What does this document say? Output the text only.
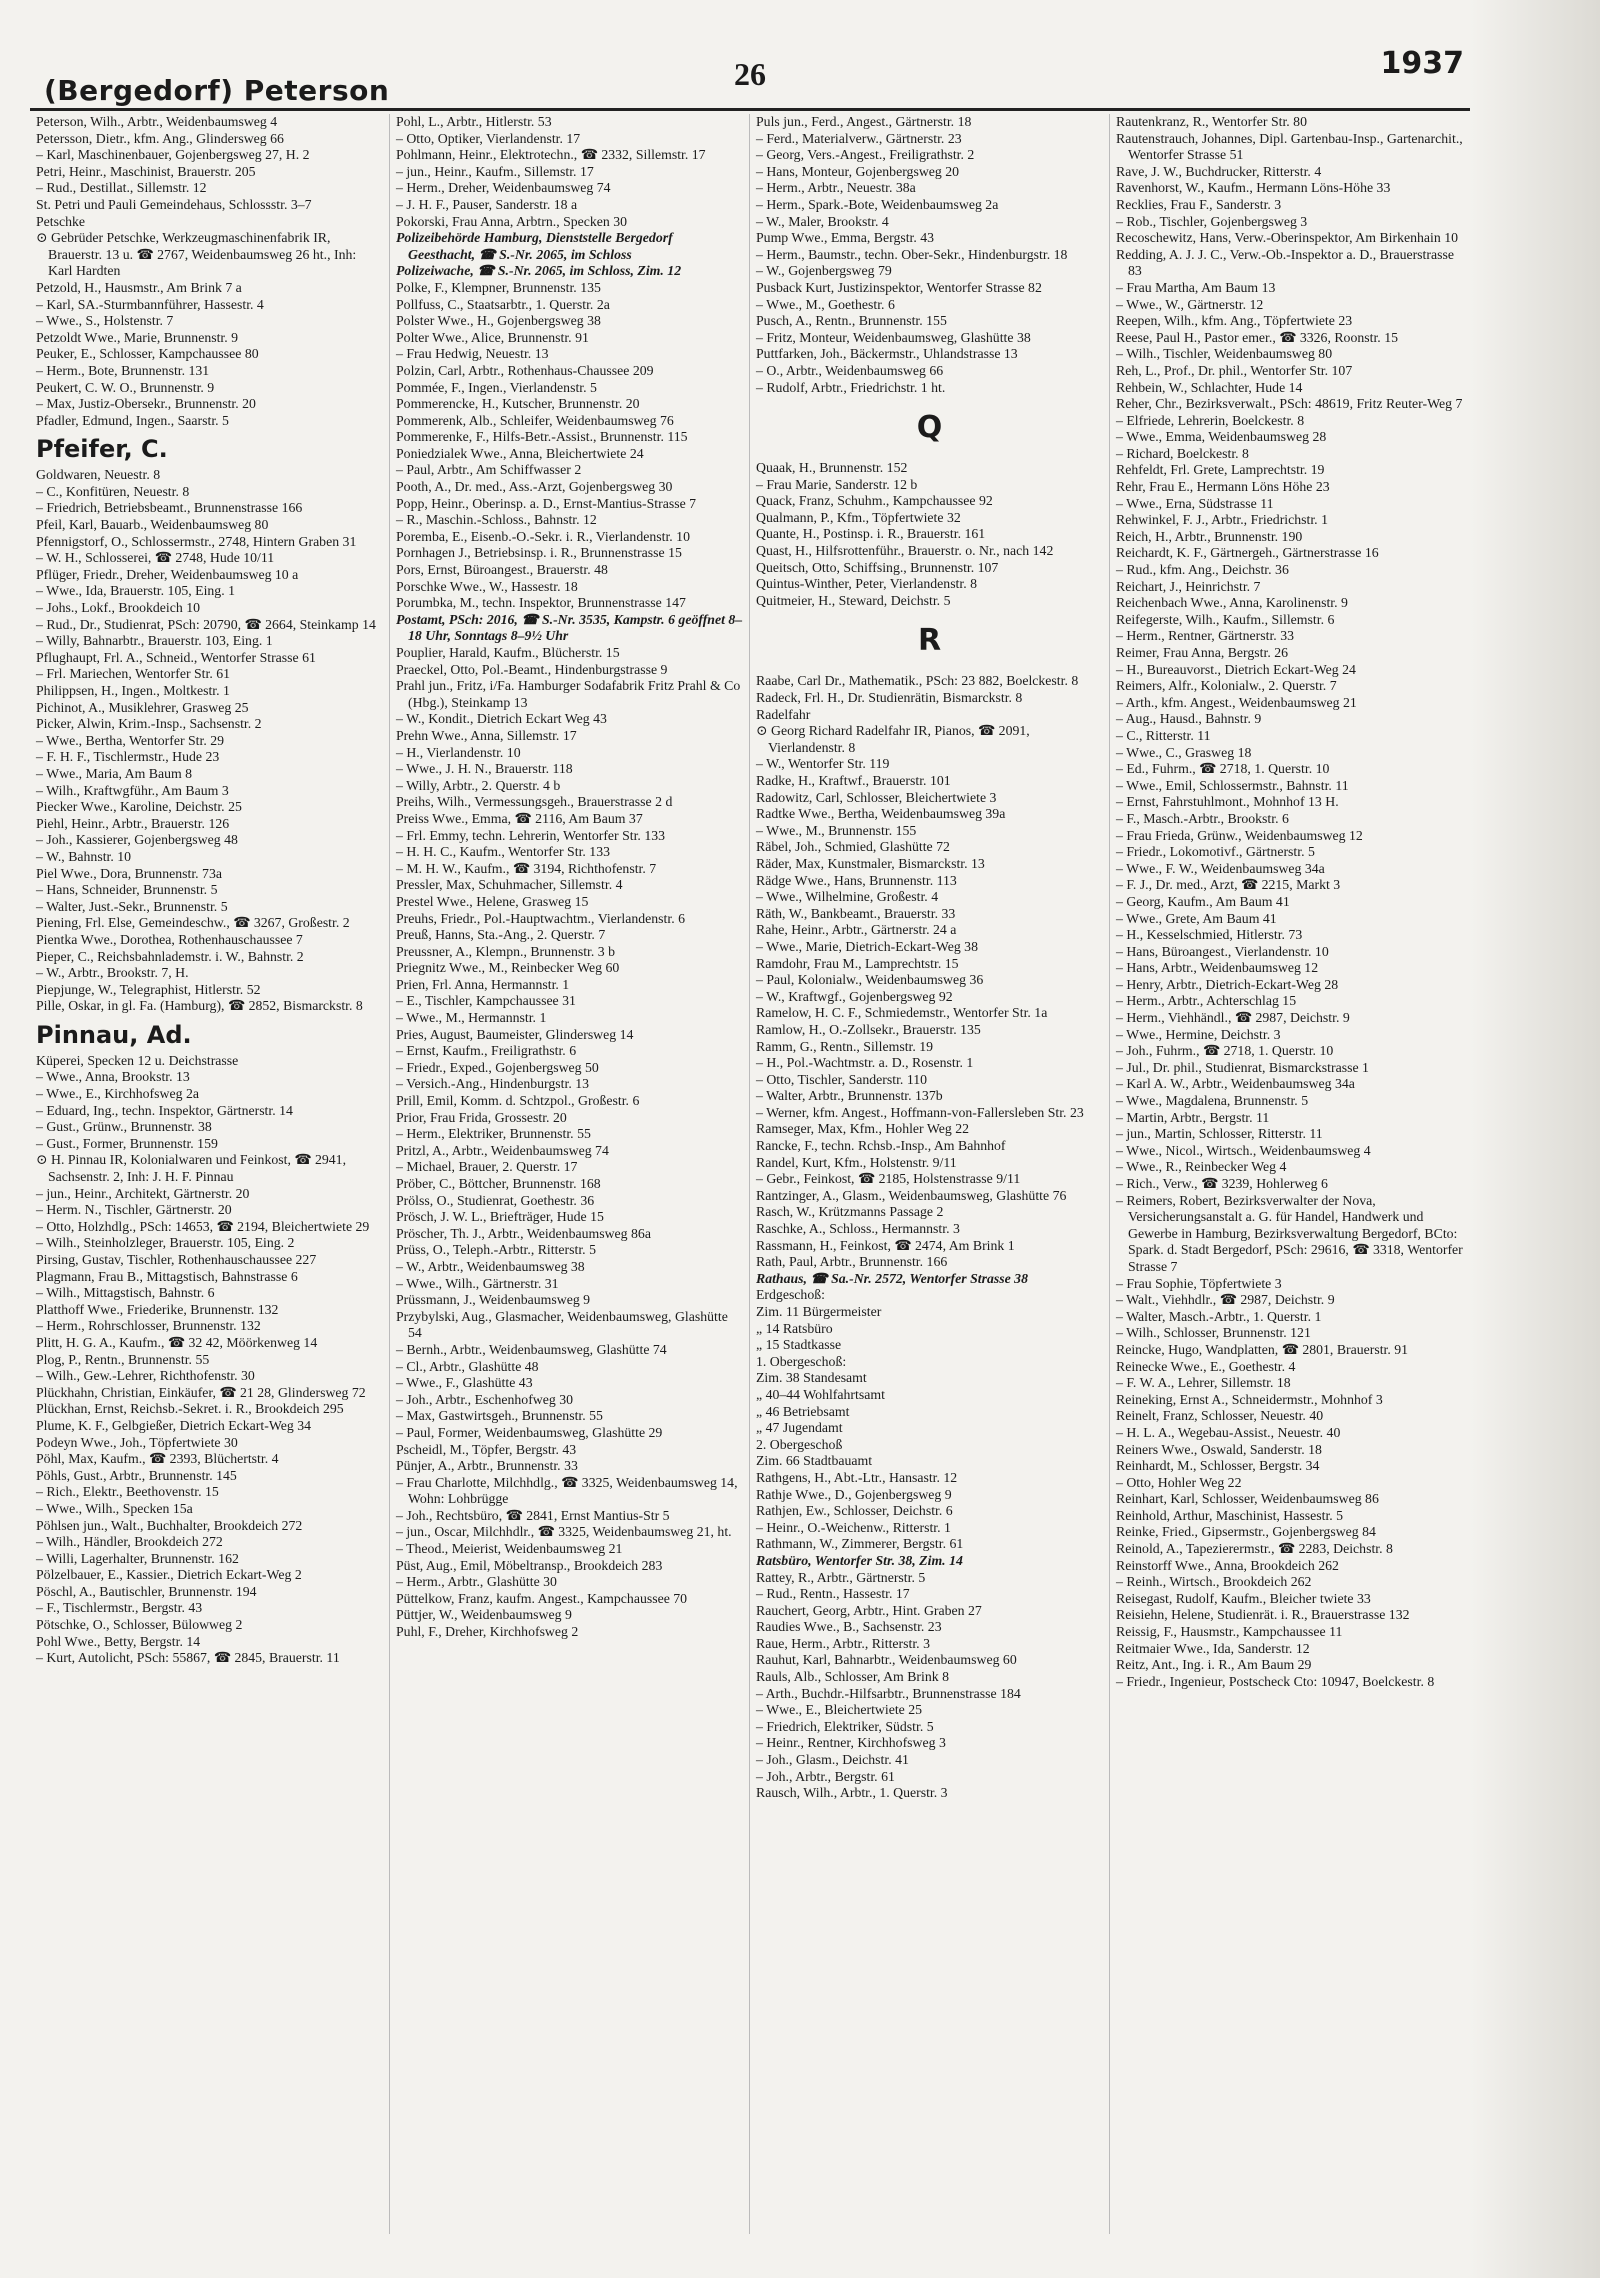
(Bergedorf) Peterson	26	1937
Peterson, Wilh., Arbtr., Weidenbaumsweg 4
Petersson, Dietr., kfm. Ang., Glindersweg 66
– Karl, Maschinenbauer, Gojenbergsweg 27, H. 2
Petri, Heinr., Maschinist, Brauerstr. 205
– Rud., Destillat., Sillemstr. 12
St. Petri und Pauli Gemeindehaus, Schlossstr. 3–7
Petschke
⊙ Gebrüder Petschke, Werkzeugmaschinenfabrik IR, Brauerstr. 13 u. ☎ 2767, Weidenbaumsweg 26 ht., Inh: Karl Hardten
Petzold, H., Hausmstr., Am Brink 7 a
– Karl, SA.-Sturmbannführer, Hassestr. 4
– Wwe., S., Holstenstr. 7
Petzoldt Wwe., Marie, Brunnenstr. 9
Peuker, E., Schlosser, Kampchaussee 80
– Herm., Bote, Brunnenstr. 131
Peukert, C. W. O., Brunnenstr. 9
– Max, Justiz-Obersekr., Brunnenstr. 20
Pfadler, Edmund, Ingen., Saarstr. 5
Pfeifer, C.
Goldwaren, Neuestr. 8
– C., Konfitüren, Neuestr. 8
– Friedrich, Betriebsbeamt., Brunnenstrasse 166
Pfeil, Karl, Bauarb., Weidenbaumsweg 80
Pfennigstorf, O., Schlossermstr., 2748, Hintern Graben 31
– W. H., Schlosserei, ☎ 2748, Hude 10/11
Pflüger, Friedr., Dreher, Weidenbaumsweg 10 a
– Wwe., Ida, Brauerstr. 105, Eing. 1
– Johs., Lokf., Brookdeich 10
– Rud., Dr., Studienrat, PSch: 20790, ☎ 2664, Steinkamp 14
– Willy, Bahnarbtr., Brauerstr. 103, Eing. 1
Pflughaupt, Frl. A., Schneid., Wentorfer Strasse 61
– Frl. Mariechen, Wentorfer Str. 61
Philippsen, H., Ingen., Moltkestr. 1
Pichinot, A., Musiklehrer, Grasweg 25
Picker, Alwin, Krim.-Insp., Sachsenstr. 2
– Wwe., Bertha, Wentorfer Str. 29
– F. H. F., Tischlermstr., Hude 23
– Wwe., Maria, Am Baum 8
– Wilh., Kraftwgführ., Am Baum 3
Piecker Wwe., Karoline, Deichstr. 25
Piehl, Heinr., Arbtr., Brauerstr. 126
– Joh., Kassierer, Gojenbergsweg 48
– W., Bahnstr. 10
Piel Wwe., Dora, Brunnenstr. 73a
– Hans, Schneider, Brunnenstr. 5
– Walter, Just.-Sekr., Brunnenstr. 5
Piening, Frl. Else, Gemeindeschw., ☎ 3267, Großestr. 2
Pientka Wwe., Dorothea, Rothenhauschaussee 7
Pieper, C., Reichsbahnlademstr. i. W., Bahnstr. 2
– W., Arbtr., Brookstr. 7, H.
Piepjunge, W., Telegraphist, Hitlerstr. 52
Pille, Oskar, in gl. Fa. (Hamburg), ☎ 2852, Bismarckstr. 8
Pinnau, Ad.
Küperei, Specken 12 u. Deichstrasse
– Wwe., Anna, Brookstr. 13
– Wwe., E., Kirchhofsweg 2a
– Eduard, Ing., techn. Inspektor, Gärtnerstr. 14
– Gust., Grünw., Brunnenstr. 38
– Gust., Former, Brunnenstr. 159
⊙ H. Pinnau IR, Kolonialwaren und Feinkost, ☎ 2941, Sachsenstr. 2, Inh: J. H. F. Pinnau
– jun., Heinr., Architekt, Gärtnerstr. 20
– Herm. N., Tischler, Gärtnerstr. 20
– Otto, Holzhdlg., PSch: 14653, ☎ 2194, Bleichertwiete 29
– Wilh., Steinholzleger, Brauerstr. 105, Eing. 2
Pirsing, Gustav, Tischler, Rothenhauschaussee 227
Plagmann, Frau B., Mittagstisch, Bahnstrasse 6
– Wilh., Mittagstisch, Bahnstr. 6
Platthoff Wwe., Friederike, Brunnenstr. 132
– Herm., Rohrschlosser, Brunnenstr. 132
Plitt, H. G. A., Kaufm., ☎ 32 42, Möörkenweg 14
Plog, P., Rentn., Brunnenstr. 55
– Wilh., Gew.-Lehrer, Richthofenstr. 30
Plückhahn, Christian, Einkäufer, ☎ 21 28, Glindersweg 72
Plückhan, Ernst, Reichsb.-Sekret. i. R., Brookdeich 295
Plume, K. F., Gelbgießer, Dietrich Eckart-Weg 34
Podeyn Wwe., Joh., Töpfertwiete 30
Pöhl, Max, Kaufm., ☎ 2393, Blüchertstr. 4
Pöhls, Gust., Arbtr., Brunnenstr. 145
– Rich., Elektr., Beethovenstr. 15
– Wwe., Wilh., Specken 15a
Pöhlsen jun., Walt., Buchhalter, Brookdeich 272
– Wilh., Händler, Brookdeich 272
– Willi, Lagerhalter, Brunnenstr. 162
Pölzelbauer, E., Kassier., Dietrich Eckart-Weg 2
Pöschl, A., Bautischler, Brunnenstr. 194
– F., Tischlermstr., Bergstr. 43
Pötschke, O., Schlosser, Bülowweg 2
Pohl Wwe., Betty, Bergstr. 14
– Kurt, Autolicht, PSch: 55867, ☎ 2845, Brauerstr. 11
Pohl, L., Arbtr., Hitlerstr. 53
– Otto, Optiker, Vierlandenstr. 17
Pohlmann, Heinr., Elektrotechn., ☎ 2332, Sillemstr. 17
– jun., Heinr., Kaufm., Sillemstr. 17
– Herm., Dreher, Weidenbaumsweg 74
– J. H. F., Pauser, Sanderstr. 18 a
Pokorski, Frau Anna, Arbtrn., Specken 30
Polizeibehörde Hamburg, Dienststelle Bergedorf Geesthacht, ☎ S.-Nr. 2065, im Schloss
Polizeiwache, ☎ S.-Nr. 2065, im Schloss, Zim. 12
Polke, F., Klempner, Brunnenstr. 135
Pollfuss, C., Staatsarbtr., 1. Querstr. 2a
Polster Wwe., H., Gojenbergsweg 38
Polter Wwe., Alice, Brunnenstr. 91
– Frau Hedwig, Neuestr. 13
Polzin, Carl, Arbtr., Rothenhaus-Chaussee 209
Pommée, F., Ingen., Vierlandenstr. 5
Pommerencke, H., Kutscher, Brunnenstr. 20
Pommerenk, Alb., Schleifer, Weidenbaumsweg 76
Pommerenke, F., Hilfs-Betr.-Assist., Brunnenstr. 115
Poniedzialek Wwe., Anna, Bleichertwiete 24
– Paul, Arbtr., Am Schiffwasser 2
Pooth, A., Dr. med., Ass.-Arzt, Gojenbergsweg 30
Popp, Heinr., Oberinsp. a. D., Ernst-Mantius-Strasse 7
– R., Maschin.-Schloss., Bahnstr. 12
Poremba, E., Eisenb.-O.-Sekr. i. R., Vierlandenstr. 10
Pornhagen J., Betriebsinsp. i. R., Brunnenstrasse 15
Pors, Ernst, Büroangest., Brauerstr. 48
Porschke Wwe., W., Hassestr. 18
Porumbka, M., techn. Inspektor, Brunnenstrasse 147
Postamt, PSch: 2016, ☎ S.-Nr. 3535, Kampstr. 6 geöffnet 8–18 Uhr, Sonntags 8–9½ Uhr
Pouplier, Harald, Kaufm., Blücherstr. 15
Praeckel, Otto, Pol.-Beamt., Hindenburgstrasse 9
Prahl jun., Fritz, i/Fa. Hamburger Sodafabrik Fritz Prahl & Co (Hbg.), Steinkamp 13
– W., Kondit., Dietrich Eckart Weg 43
Prehn Wwe., Anna, Sillemstr. 17
– H., Vierlandenstr. 10
– Wwe., J. H. N., Brauerstr. 118
– Willy, Arbtr., 2. Querstr. 4 b
Preihs, Wilh., Vermessungsgeh., Brauerstrasse 2 d
Preiss Wwe., Emma, ☎ 2116, Am Baum 37
– Frl. Emmy, techn. Lehrerin, Wentorfer Str. 133
– H. H. C., Kaufm., Wentorfer Str. 133
– M. H. W., Kaufm., ☎ 3194, Richthofenstr. 7
Pressler, Max, Schuhmacher, Sillemstr. 4
Prestel Wwe., Helene, Grasweg 15
Preuhs, Friedr., Pol.-Hauptwachtm., Vierlandenstr. 6
Preuß, Hanns, Sta.-Ang., 2. Querstr. 7
Preussner, A., Klempn., Brunnenstr. 3 b
Priegnitz Wwe., M., Reinbecker Weg 60
Prien, Frl. Anna, Hermannstr. 1
– E., Tischler, Kampchaussee 31
– Wwe., M., Hermannstr. 1
Pries, August, Baumeister, Glindersweg 14
– Ernst, Kaufm., Freiligrathstr. 6
– Friedr., Exped., Gojenbergsweg 50
– Versich.-Ang., Hindenburgstr. 13
Prill, Emil, Komm. d. Schtzpol., Großestr. 6
Prior, Frau Frida, Grossestr. 20
– Herm., Elektriker, Brunnenstr. 55
Pritzl, A., Arbtr., Weidenbaumsweg 74
– Michael, Brauer, 2. Querstr. 17
Pröber, C., Böttcher, Brunnenstr. 168
Prölss, O., Studienrat, Goethestr. 36
Prösch, J. W. L., Briefträger, Hude 15
Pröscher, Th. J., Arbtr., Weidenbaumsweg 86a
Prüss, O., Teleph.-Arbtr., Ritterstr. 5
– W., Arbtr., Weidenbaumsweg 38
– Wwe., Wilh., Gärtnerstr. 31
Prüssmann, J., Weidenbaumsweg 9
Przybylski, Aug., Glasmacher, Weidenbaumsweg, Glashütte 54
– Bernh., Arbtr., Weidenbaumsweg, Glashütte 74
– Cl., Arbtr., Glashütte 48
– Wwe., F., Glashütte 43
– Joh., Arbtr., Eschenhofweg 30
– Max, Gastwirtsgeh., Brunnenstr. 55
– Paul, Former, Weidenbaumsweg, Glashütte 29
Pscheidl, M., Töpfer, Bergstr. 43
Pünjer, A., Arbtr., Brunnenstr. 33
– Frau Charlotte, Milchhdlg., ☎ 3325, Weidenbaumsweg 14, Wohn: Lohbrügge
– Joh., Rechtsbüro, ☎ 2841, Ernst Mantius-Str 5
– jun., Oscar, Milchhdlr., ☎ 3325, Weidenbaumsweg 21, ht.
– Theod., Meierist, Weidenbaumsweg 21
Püst, Aug., Emil, Möbeltransp., Brookdeich 283
– Herm., Arbtr., Glashütte 30
Püttelkow, Franz, kaufm. Angest., Kampchaussee 70
Püttjer, W., Weidenbaumsweg 9
Puhl, F., Dreher, Kirchhofsweg 2
Puls jun., Ferd., Angest., Gärtnerstr. 18
– Ferd., Materialverw., Gärtnerstr. 23
– Georg, Vers.-Angest., Freiligrathstr. 2
– Hans, Monteur, Gojenbergsweg 20
– Herm., Arbtr., Neuestr. 38a
– Herm., Spark.-Bote, Weidenbaumsweg 2a
– W., Maler, Brookstr. 4
Pump Wwe., Emma, Bergstr. 43
– Herm., Baumstr., techn. Ober-Sekr., Hindenburgstr. 18
– W., Gojenbergsweg 79
Pusback Kurt, Justizinspektor, Wentorfer Strasse 82
– Wwe., M., Goethestr. 6
Pusch, A., Rentn., Brunnenstr. 155
– Fritz, Monteur, Weidenbaumsweg, Glashütte 38
Puttfarken, Joh., Bäckermstr., Uhlandstrasse 13
– O., Arbtr., Weidenbaumsweg 66
– Rudolf, Arbtr., Friedrichstr. 1 ht.
Q
Quaak, H., Brunnenstr. 152
– Frau Marie, Sanderstr. 12 b
Quack, Franz, Schuhm., Kampchaussee 92
Qualmann, P., Kfm., Töpfertwiete 32
Quante, H., Postinsp. i. R., Brauerstr. 161
Quast, H., Hilfsrottenführ., Brauerstr. o. Nr., nach 142
Queitsch, Otto, Schiffsing., Brunnenstr. 107
Quintus-Winther, Peter, Vierlandenstr. 8
Quitmeier, H., Steward, Deichstr. 5
R
Raabe, Carl Dr., Mathematik., PSch: 23 882, Boelckestr. 8
Radeck, Frl. H., Dr. Studienrätin, Bismarckstr. 8
Radelfahr
⊙ Georg Richard Radelfahr IR, Pianos, ☎ 2091, Vierlandenstr. 8
– W., Wentorfer Str. 119
Radke, H., Kraftwf., Brauerstr. 101
Radowitz, Carl, Schlosser, Bleichertwiete 3
Radtke Wwe., Bertha, Weidenbaumsweg 39a
– Wwe., M., Brunnenstr. 155
Räbel, Joh., Schmied, Glashütte 72
Räder, Max, Kunstmaler, Bismarckstr. 13
Rädge Wwe., Hans, Brunnenstr. 113
– Wwe., Wilhelmine, Großestr. 4
Räth, W., Bankbeamt., Brauerstr. 33
Rahe, Heinr., Arbtr., Gärtnerstr. 24 a
– Wwe., Marie, Dietrich-Eckart-Weg 38
Ramdohr, Frau M., Lamprechtstr. 15
– Paul, Kolonialw., Weidenbaumsweg 36
– W., Kraftwgf., Gojenbergsweg 92
Ramelow, H. C. F., Schmiedemstr., Wentorfer Str. 1a
Ramlow, H., O.-Zollsekr., Brauerstr. 135
Ramm, G., Rentn., Sillemstr. 19
– H., Pol.-Wachtmstr. a. D., Rosenstr. 1
– Otto, Tischler, Sanderstr. 110
– Walter, Arbtr., Brunnenstr. 137b
– Werner, kfm. Angest., Hoffmann-von-Fallersleben Str. 23
Ramseger, Max, Kfm., Hohler Weg 22
Rancke, F., techn. Rchsb.-Insp., Am Bahnhof
Randel, Kurt, Kfm., Holstenstr. 9/11
– Gebr., Feinkost, ☎ 2185, Holstenstrasse 9/11
Rantzinger, A., Glasm., Weidenbaumsweg, Glashütte 76
Rasch, W., Krützmanns Passage 2
Raschke, A., Schloss., Hermannstr. 3
Rassmann, H., Feinkost, ☎ 2474, Am Brink 1
Rath, Paul, Arbtr., Brunnenstr. 166
Rathaus, ☎ Sa.-Nr. 2572, Wentorfer Strasse 38
Erdgeschoß:
Zim. 11 Bürgermeister
„ 14 Ratsbüro
„ 15 Stadtkasse
1. Obergeschoß:
Zim. 38 Standesamt
„ 40–44 Wohlfahrtsamt
„ 46 Betriebsamt
„ 47 Jugendamt
2. Obergeschoß
Zim. 66 Stadtbauamt
Rathgens, H., Abt.-Ltr., Hansastr. 12
Rathje Wwe., D., Gojenbergsweg 9
Rathjen, Ew., Schlosser, Deichstr. 6
– Heinr., O.-Weichenw., Ritterstr. 1
Rathmann, W., Zimmerer, Bergstr. 61
Ratsbüro, Wentorfer Str. 38, Zim. 14
Rattey, R., Arbtr., Gärtnerstr. 5
– Rud., Rentn., Hassestr. 17
Rauchert, Georg, Arbtr., Hint. Graben 27
Raudies Wwe., B., Sachsenstr. 23
Raue, Herm., Arbtr., Ritterstr. 3
Rauhut, Karl, Bahnarbtr., Weidenbaumsweg 60
Rauls, Alb., Schlosser, Am Brink 8
– Arth., Buchdr.-Hilfsarbtr., Brunnenstrasse 184
– Wwe., E., Bleichertwiete 25
– Friedrich, Elektriker, Südstr. 5
– Heinr., Rentner, Kirchhofsweg 3
– Joh., Glasm., Deichstr. 41
– Joh., Arbtr., Bergstr. 61
Rausch, Wilh., Arbtr., 1. Querstr. 3
Rautenkranz, R., Wentorfer Str. 80
Rautenstrauch, Johannes, Dipl. Gartenbau-Insp., Gartenarchit., Wentorfer Strasse 51
Rave, J. W., Buchdrucker, Ritterstr. 4
Ravenhorst, W., Kaufm., Hermann Löns-Höhe 33
Recklies, Frau F., Sanderstr. 3
– Rob., Tischler, Gojenbergsweg 3
Recoschewitz, Hans, Verw.-Oberinspektor, Am Birkenhain 10
Redding, A. J. J. C., Verw.-Ob.-Inspektor a. D., Brauerstrasse 83
– Frau Martha, Am Baum 13
– Wwe., W., Gärtnerstr. 12
Reepen, Wilh., kfm. Ang., Töpfertwiete 23
Reese, Paul H., Pastor emer., ☎ 3326, Roonstr. 15
– Wilh., Tischler, Weidenbaumsweg 80
Reh, L., Prof., Dr. phil., Wentorfer Str. 107
Rehbein, W., Schlachter, Hude 14
Reher, Chr., Bezirksverwalt., PSch: 48619, Fritz Reuter-Weg 7
– Elfriede, Lehrerin, Boelckestr. 8
– Wwe., Emma, Weidenbaumsweg 28
– Richard, Boelckestr. 8
Rehfeldt, Frl. Grete, Lamprechtstr. 19
Rehr, Frau E., Hermann Löns Höhe 23
– Wwe., Erna, Südstrasse 11
Rehwinkel, F. J., Arbtr., Friedrichstr. 1
Reich, H., Arbtr., Brunnenstr. 190
Reichardt, K. F., Gärtnergeh., Gärtnerstrasse 16
– Rud., kfm. Ang., Deichstr. 36
Reichart, J., Heinrichstr. 7
Reichenbach Wwe., Anna, Karolinenstr. 9
Reifegerste, Wilh., Kaufm., Sillemstr. 6
– Herm., Rentner, Gärtnerstr. 33
Reimer, Frau Anna, Bergstr. 26
– H., Bureauvorst., Dietrich Eckart-Weg 24
Reimers, Alfr., Kolonialw., 2. Querstr. 7
– Arth., kfm. Angest., Weidenbaumsweg 21
– Aug., Hausd., Bahnstr. 9
– C., Ritterstr. 11
– Wwe., C., Grasweg 18
– Ed., Fuhrm., ☎ 2718, 1. Querstr. 10
– Wwe., Emil, Schlossermstr., Bahnstr. 11
– Ernst, Fahrstuhlmont., Mohnhof 13 H.
– F., Masch.-Arbtr., Brookstr. 6
– Frau Frieda, Grünw., Weidenbaumsweg 12
– Friedr., Lokomotivf., Gärtnerstr. 5
– Wwe., F. W., Weidenbaumsweg 34a
– F. J., Dr. med., Arzt, ☎ 2215, Markt 3
– Georg, Kaufm., Am Baum 41
– Wwe., Grete, Am Baum 41
– H., Kesselschmied, Hitlerstr. 73
– Hans, Büroangest., Vierlandenstr. 10
– Hans, Arbtr., Weidenbaumsweg 12
– Henry, Arbtr., Dietrich-Eckart-Weg 28
– Herm., Arbtr., Achterschlag 15
– Herm., Viehhändl., ☎ 2987, Deichstr. 9
– Wwe., Hermine, Deichstr. 3
– Joh., Fuhrm., ☎ 2718, 1. Querstr. 10
– Jul., Dr. phil., Studienrat, Bismarckstrasse 1
– Karl A. W., Arbtr., Weidenbaumsweg 34a
– Wwe., Magdalena, Brunnenstr. 5
– Martin, Arbtr., Bergstr. 11
– jun., Martin, Schlosser, Ritterstr. 11
– Wwe., Nicol., Wirtsch., Weidenbaumsweg 4
– Wwe., R., Reinbecker Weg 4
– Rich., Verw., ☎ 3239, Hohlerweg 6
– Reimers, Robert, Bezirksverwalter der Nova, Versicherungsanstalt a. G. für Handel, Handwerk und Gewerbe in Hamburg, Bezirksverwaltung Bergedorf, BCto: Spark. d. Stadt Bergedorf, PSch: 29616, ☎ 3318, Wentorfer Strasse 7
– Frau Sophie, Töpfertwiete 3
– Walt., Viehhdlr., ☎ 2987, Deichstr. 9
– Walter, Masch.-Arbtr., 1. Querstr. 1
– Wilh., Schlosser, Brunnenstr. 121
Reincke, Hugo, Wandplatten, ☎ 2801, Brauerstr. 91
Reinecke Wwe., E., Goethestr. 4
– F. W. A., Lehrer, Sillemstr. 18
Reineking, Ernst A., Schneidermstr., Mohnhof 3
Reinelt, Franz, Schlosser, Neuestr. 40
– H. L. A., Wegebau-Assist., Neuestr. 40
Reiners Wwe., Oswald, Sanderstr. 18
Reinhardt, M., Schlosser, Bergstr. 34
– Otto, Hohler Weg 22
Reinhart, Karl, Schlosser, Weidenbaumsweg 86
Reinhold, Arthur, Maschinist, Hassestr. 5
Reinke, Fried., Gipsermstr., Gojenbergsweg 84
Reinold, A., Tapezierermstr., ☎ 2283, Deichstr. 8
Reinstorff Wwe., Anna, Brookdeich 262
– Reinh., Wirtsch., Brookdeich 262
Reisegast, Rudolf, Kaufm., Bleicher twiete 33
Reisiehn, Helene, Studienrät. i. R., Brauerstrasse 132
Reissig, F., Hausmstr., Kampchaussee 11
Reitmaier Wwe., Ida, Sanderstr. 12
Reitz, Ant., Ing. i. R., Am Baum 29
– Friedr., Ingenieur, Postscheck Cto: 10947, Boelckestr. 8
